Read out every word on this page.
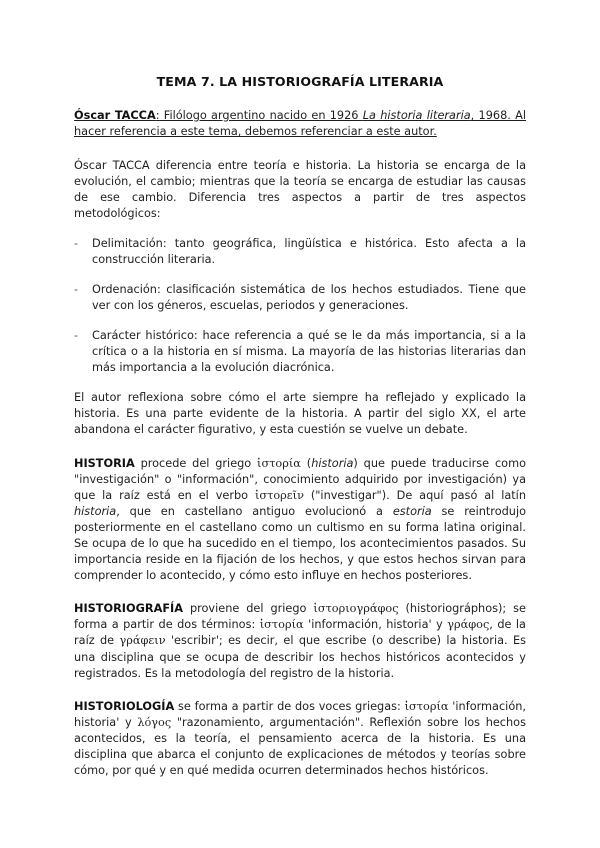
TEMA 7. LA HISTORIOGRAFÍA LITERARIA

Óscar TACCA: Filólogo argentino nacido en 1926 La historia literaria, 1968. Al hacer referencia a este tema, debemos referenciar a este autor.

Óscar TACCA diferencia entre teoría e historia. La historia se encarga de la evolución, el cambio; mientras que la teoría se encarga de estudiar las causas de ese cambio. Diferencia tres aspectos a partir de tres aspectos metodológicos:

- Delimitación: tanto geográfica, lingüística e histórica. Esto afecta a la construcción literaria.
- Ordenación: clasificación sistemática de los hechos estudiados. Tiene que ver con los géneros, escuelas, periodos y generaciones.
- Carácter histórico: hace referencia a qué se le da más importancia, si a la crítica o a la historia en sí misma. La mayoría de las historias literarias dan más importancia a la evolución diacrónica.

El autor reflexiona sobre cómo el arte siempre ha reflejado y explicado la historia. Es una parte evidente de la historia. A partir del siglo XX, el arte abandona el carácter figurativo, y esta cuestión se vuelve un debate.

HISTORIA procede del griego ἱστορία (historia) que puede traducirse como "investigación" o "información", conocimiento adquirido por investigación) ya que la raíz está en el verbo ἱστορεῖν ("investigar"). De aquí pasó al latín historia, que en castellano antiguo evolucionó a estoria se reintrodujo posteriormente en el castellano como un cultismo en su forma latina original. Se ocupa de lo que ha sucedido en el tiempo, los acontecimientos pasados. Su importancia reside en la fijación de los hechos, y que estos hechos sirvan para comprender lo acontecido, y cómo esto influye en hechos posteriores.

HISTORIOGRAFÍA proviene del griego ἱστοριογράφος (historiográphos); se forma a partir de dos términos: ἱστορία 'información, historia' y γράφος, de la raíz de γράφειν 'escribir'; es decir, el que escribe (o describe) la historia. Es una disciplina que se ocupa de describir los hechos históricos acontecidos y registrados. Es la metodología del registro de la historia.

HISTORIOLOGÍA se forma a partir de dos voces griegas: ἱστορία 'información, historia' y λόγος "razonamiento, argumentación". Reflexión sobre los hechos acontecidos, es la teoría, el pensamiento acerca de la historia. Es una disciplina que abarca el conjunto de explicaciones de métodos y teorías sobre cómo, por qué y en qué medida ocurren determinados hechos históricos.
